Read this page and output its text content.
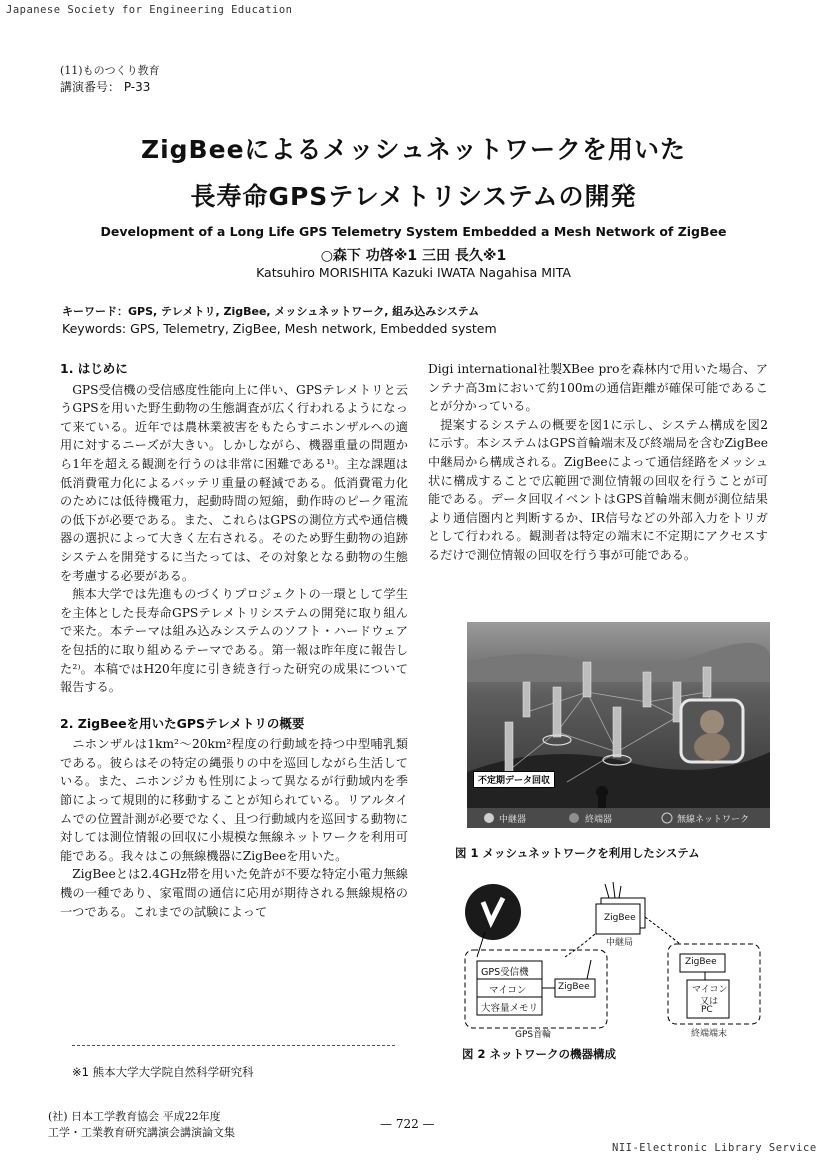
Japanese Society for Engineering Education
(11)ものつくり教育
講演番号： P-33
ZigBeeによるメッシュネットワークを用いた
長寿命GPSテレメトリシステムの開発
Development of a Long Life GPS Telemetry System Embedded a Mesh Network of ZigBee
○森下 功啓※1 三田 長久※1
Katsuhiro MORISHITA Kazuki IWATA Nagahisa MITA
キーワード：GPS, テレメトリ, ZigBee, メッシュネットワーク, 組み込みシステム
Keywords: GPS, Telemetry, ZigBee, Mesh network, Embedded system
1. はじめに

GPS受信機の受信感度性能向上に伴い、GPSテレメトリと云うGPSを用いた野生動物の生態調査が広く行われるようになって来ている。近年では農林業被害をもたらすニホンザルへの適用に対するニーズが大きい。しかしながら、機器重量の問題から1年を超える観測を行うのは非常に困難である¹⁾。主な課題は低消費電力化によるバッテリ重量の軽減である。低消費電力化のためには低待機電力，起動時間の短縮，動作時のピーク電流の低下が必要である。また、これらはGPSの測位方式や通信機器の選択によって大きく左右される。そのため野生動物の追跡システムを開発するに当たっては、その対象となる動物の生態を考慮する必要がある。

熊本大学では先進ものづくりプロジェクトの一環として学生を主体とした長寿命GPSテレメトリシステムの開発に取り組んで来た。本テーマは組み込みシステムのソフト・ハードウェアを包括的に取り組めるテーマである。第一報は昨年度に報告した²⁾。本稿ではH20年度に引き続き行った研究の成果について報告する。

2. ZigBeeを用いたGPSテレメトリの概要

ニホンザルは1km²〜20km²程度の行動域を持つ中型哺乳類である。彼らはその特定の縄張りの中を巡回しながら生活している。また、ニホンジカも性別によって異なるが行動域内を季節によって規則的に移動することが知られている。リアルタイムでの位置計測が必要でなく、且つ行動域内を巡回する動物に対しては測位情報の回収に小規模な無線ネットワークを利用可能である。我々はこの無線機器にZigBeeを用いた。

ZigBeeとは2.4GHz帯を用いた免許が不要な特定小電力無線機の一種であり、家電間の通信に応用が期待される無線規格の一つである。これまでの試験によって

Digi international社製XBee proを森林内で用いた場合、アンテナ高3mにおいて約100mの通信距離が確保可能であることが分かっている。

提案するシステムの概要を図1に示し、システム構成を図2に示す。本システムはGPS首輪端末及び終端局を含むZigBee中継局から構成される。ZigBeeによって通信経路をメッシュ状に構成することで広範囲で測位情報の回収を行うことが可能である。データ回収イベントはGPS首輪端末側が測位結果より通信圏内と判断するか、IR信号などの外部入力をトリガとして行われる。観測者は特定の端末に不定期にアクセスするだけで測位情報の回収を行う事が可能である。

不定期データ回収
中継器	終端器	無線ネットワーク
図 1 メッシュネットワークを利用したシステム
ZigBee
中継局
GPS受信機
マイコン
大容量メモリ
ZigBee
GPS首輪
ZigBee
マイコン
又は
PC
終端端末
図 2 ネットワークの機器構成
※1 熊本大学大学院自然科学研究科
(社) 日本工学教育協会 平成22年度
工学・工業教育研究講演会講演論文集
— 722 —
NII-Electronic Library Service
